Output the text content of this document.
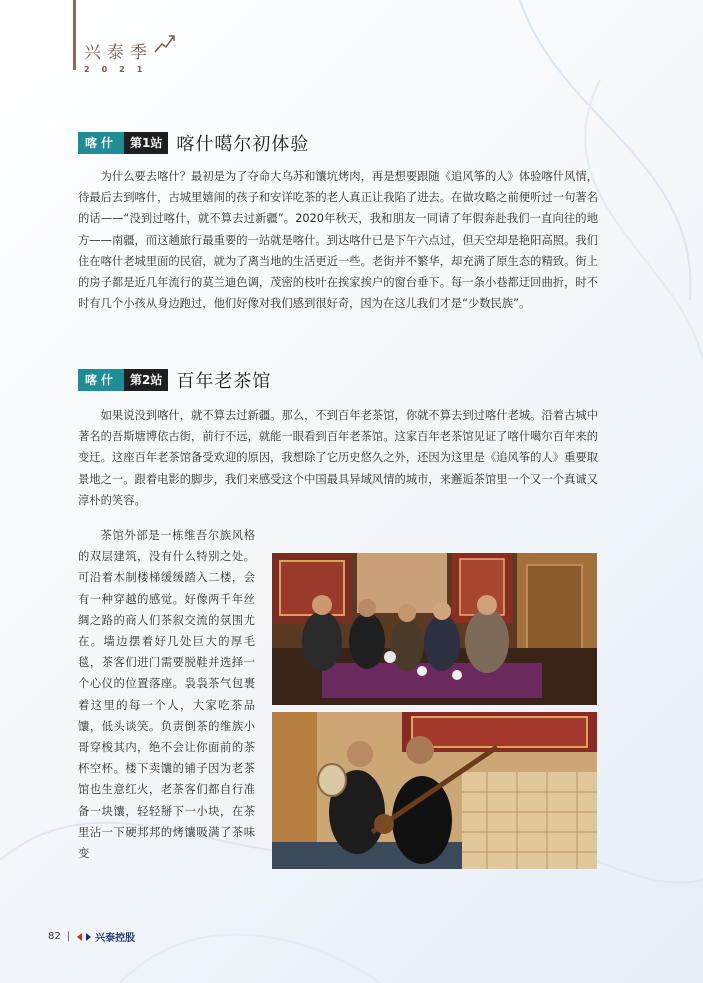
兴泰季
2021
喀什	第1站 喀什噶尔初体验

为什么要去喀什？最初是为了夺命大乌苏和馕坑烤肉，再是想要跟随《追风筝的人》体验喀什风情，待最后去到喀什，古城里嬉闹的孩子和安详吃茶的老人真正让我陷了进去。在做攻略之前便听过一句著名的话——“没到过喀什，就不算去过新疆”。2020年秋天，我和朋友一同请了年假奔赴我们一直向往的地方——南疆，而这趟旅行最重要的一站就是喀什。到达喀什已是下午六点过，但天空却是艳阳高照。我们住在喀什老城里面的民宿，就为了离当地的生活更近一些。老街并不繁华，却充满了原生态的精致。街上的房子都是近几年流行的莫兰迪色调，茂密的枝叶在挨家挨户的窗台垂下。每一条小巷都迂回曲折，时不时有几个小孩从身边跑过，他们好像对我们感到很好奇，因为在这儿我们才是“少数民族”。

喀什	第2站 百年老茶馆

如果说没到喀什，就不算去过新疆。那么，不到百年老茶馆，你就不算去到过喀什老城。沿着古城中著名的吾斯塘博依古街，前行不远，就能一眼看到百年老茶馆。这家百年老茶馆见证了喀什噶尔百年来的变迁。这座百年老茶馆备受欢迎的原因，我想除了它历史悠久之外，还因为这里是《追风筝的人》重要取景地之一。跟着电影的脚步，我们来感受这个中国最具异域风情的城市，来邂逅茶馆里一个又一个真诚又淳朴的笑容。

茶馆外部是一栋维吾尔族风格的双层建筑，没有什么特别之处。可沿着木制楼梯缓缓踏入二楼，会有一种穿越的感觉。好像两千年丝绸之路的商人们茶叙交流的氛围尤在。墙边摆着好几处巨大的厚毛毯，茶客们进门需要脱鞋并选择一个心仪的位置落座。袅袅茶气包裹着这里的每一个人，大家吃茶品馕，低头谈笑。负责倒茶的维族小哥穿梭其内，绝不会让你面前的茶杯空杯。楼下卖馕的铺子因为老茶馆也生意红火，老茶客们都自行准备一块馕，轻轻掰下一小块，在茶里沾一下硬邦邦的烤馕吸满了茶味变

82 |	兴泰控股
